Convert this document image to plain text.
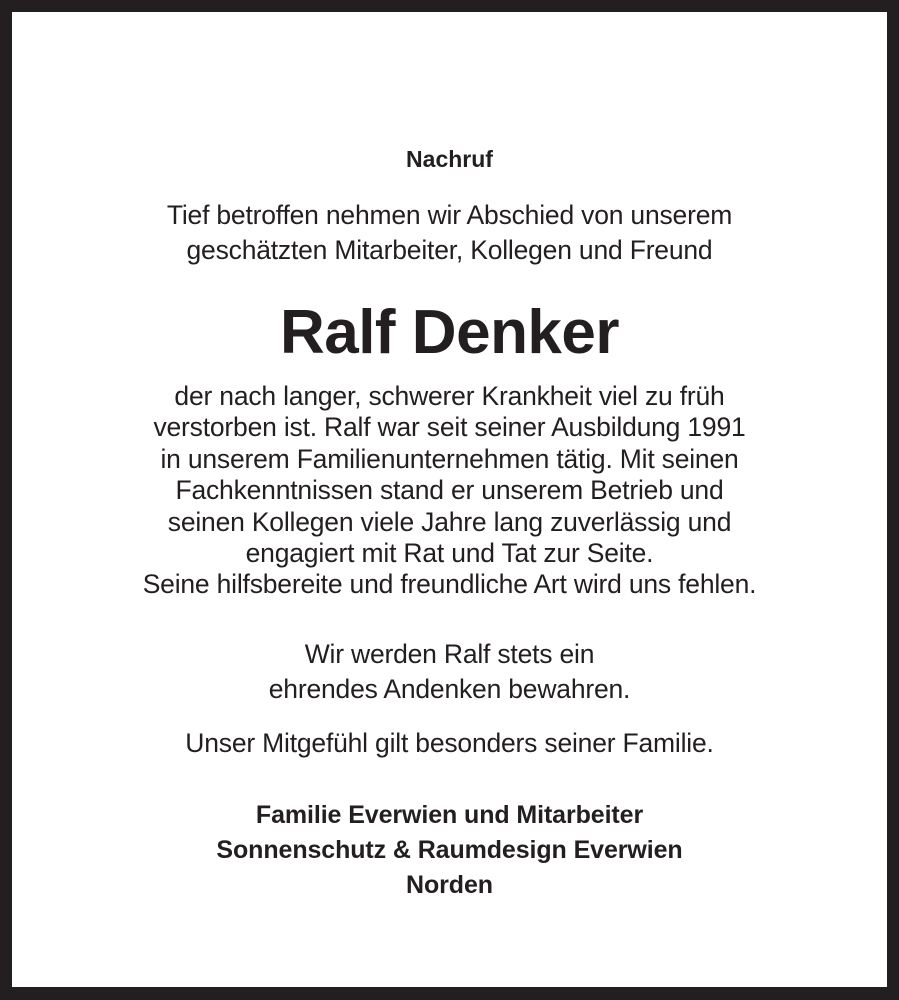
Nachruf
Tief betroffen nehmen wir Abschied von unserem
geschätzten Mitarbeiter, Kollegen und Freund
Ralf Denker
der nach langer, schwerer Krankheit viel zu früh
verstorben ist. Ralf war seit seiner Ausbildung 1991
in unserem Familienunternehmen tätig. Mit seinen
Fachkenntnissen stand er unserem Betrieb und
seinen Kollegen viele Jahre lang zuverlässig und
engagiert mit Rat und Tat zur Seite.
Seine hilfsbereite und freundliche Art wird uns fehlen.
Wir werden Ralf stets ein
ehrendes Andenken bewahren.
Unser Mitgefühl gilt besonders seiner Familie.
Familie Everwien und Mitarbeiter
Sonnenschutz & Raumdesign Everwien
Norden
